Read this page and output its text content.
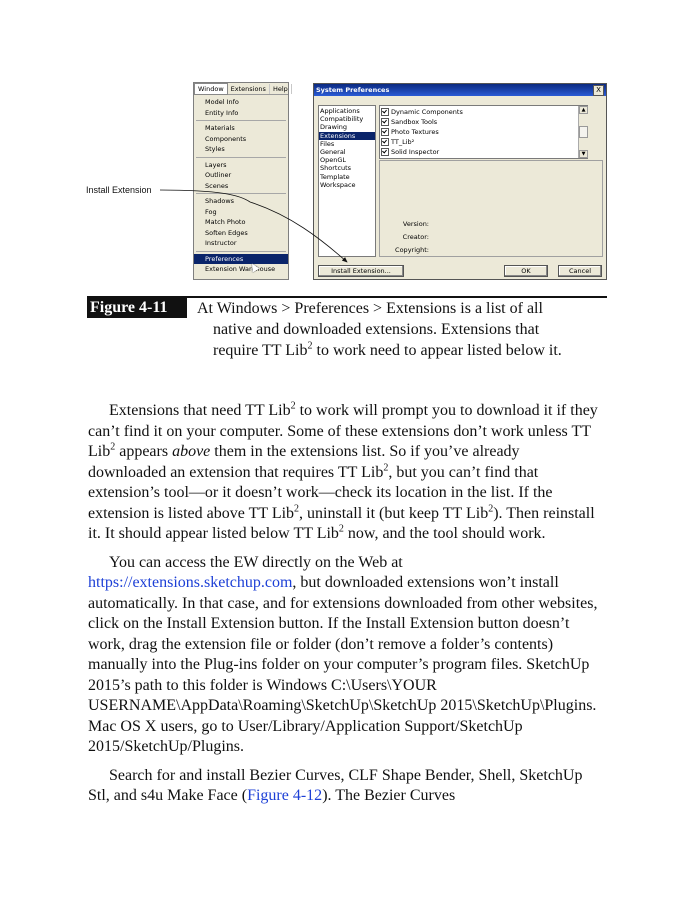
Window	Extensions	Help
Model Info
Entity Info
Materials
Components
Styles
Layers
Outliner
Scenes
Shadows
Fog
Match Photo
Soften Edges
Instructor
Preferences
Extension Warehouse
System Preferences	X
Applications
Compatibility
Drawing
Extensions
Files
General
OpenGL
Shortcuts
Template
Workspace
Dynamic Components
Sandbox Tools
Photo Textures
TT_Lib²
Solid Inspector
▲
▼
Version:
Creator:
Copyright:
Install Extension...	OK	Cancel
Install Extension
Figure 4-11	At Windows > Preferences > Extensions is a list of all
native and downloaded extensions. Extensions that
require TT Lib$^2$ to work need to appear listed below it.

Extensions that need TT Lib$^2$ to work will prompt you to download it if they can’t find it on your computer. Some of these extensions don’t work unless TT Lib$^2$ appears above them in the extensions list. So if you’ve already downloaded an extension that requires TT Lib$^2$, but you can’t find that extension’s tool—or it doesn’t work—check its location in the list. If the extension is listed above TT Lib$^2$, uninstall it (but keep TT Lib$^2$). Then reinstall it. It should appear listed below TT Lib$^2$ now, and the tool should work.

You can access the EW directly on the Web at https://extensions.sketchup.com, but downloaded extensions won’t install automatically. In that case, and for extensions downloaded from other websites, click on the Install Extension button. If the Install Extension button doesn’t work, drag the extension file or folder (don’t remove a folder’s contents) manually into the Plug-ins folder on your computer’s program files. SketchUp 2015’s path to this folder is Windows C:\Users\YOUR USERNAME\AppData\Roaming\SketchUp\SketchUp 2015\SketchUp\Plugins. Mac OS X users, go to User/Library/Application Support/SketchUp 2015/SketchUp/Plugins.

Search for and install Bezier Curves, CLF Shape Bender, Shell, SketchUp Stl, and s4u Make Face (Figure 4-12). The Bezier Curves
